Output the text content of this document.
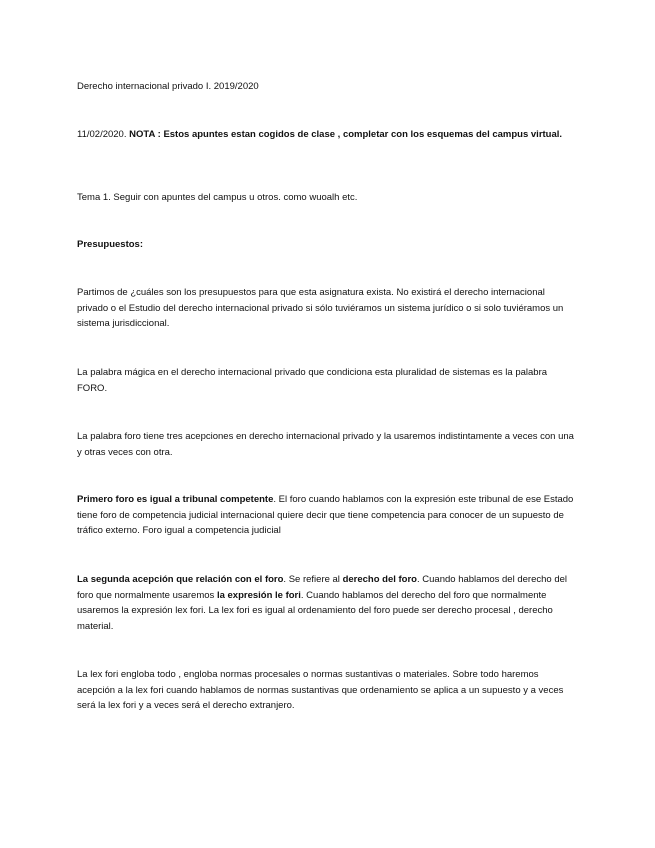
Derecho internacional privado I. 2019/2020

11/02/2020. NOTA : Estos apuntes estan cogidos de clase , completar con los esquemas del campus virtual.

Tema 1. Seguir con apuntes del campus u otros. como wuoalh etc.

Presupuestos:

Partimos de ¿cuáles son los presupuestos para que esta asignatura exista. No existirá el derecho internacional privado o el Estudio del derecho internacional privado si sólo tuviéramos un sistema jurídico o si solo tuviéramos un sistema jurisdiccional.

La palabra mágica en el derecho internacional privado que condiciona esta pluralidad de sistemas es la palabra FORO.

La palabra foro tiene tres acepciones en derecho internacional privado y la usaremos indistintamente a veces con una y otras veces con otra.

Primero foro es igual a tribunal competente. El foro cuando hablamos con la expresión este tribunal de ese Estado tiene foro de competencia judicial internacional quiere decir que tiene competencia para conocer de un supuesto de tráfico externo. Foro igual a competencia judicial

La segunda acepción que relación con el foro. Se refiere al derecho del foro. Cuando hablamos del derecho del foro que normalmente usaremos la expresión le fori. Cuando hablamos del derecho del foro que normalmente usaremos la expresión lex fori. La lex fori es igual al ordenamiento del foro puede ser derecho procesal , derecho material.

La lex fori engloba todo , engloba normas procesales o normas sustantivas o materiales. Sobre todo haremos acepción a la lex fori cuando hablamos de normas sustantivas que ordenamiento se aplica a un supuesto y a veces será la lex fori y a veces será el derecho extranjero.
